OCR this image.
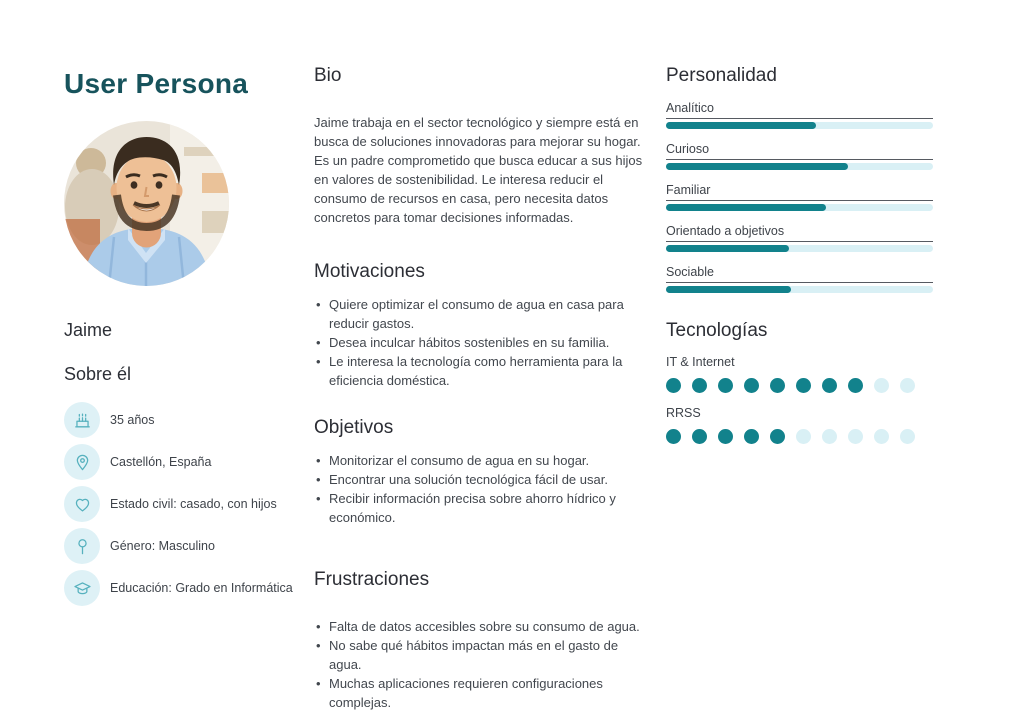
User Persona
Jaime
Sobre él
35 años
Castellón, España
Estado civil: casado, con hijos
Género: Masculino
Educación: Grado en Informática
Bio

Jaime trabaja en el sector tecnológico y siempre está en busca de soluciones innovadoras para mejorar su hogar. Es un padre comprometido que busca educar a sus hijos en valores de sostenibilidad. Le interesa reducir el consumo de recursos en casa, pero necesita datos concretos para tomar decisiones informadas.

Motivaciones
• Quiere optimizar el consumo de agua en casa para reducir gastos.
• Desea inculcar hábitos sostenibles en su familia.
• Le interesa la tecnología como herramienta para la eficiencia doméstica.
Objetivos
• Monitorizar el consumo de agua en su hogar.
• Encontrar una solución tecnológica fácil de usar.
• Recibir información precisa sobre ahorro hídrico y económico.
Frustraciones
• Falta de datos accesibles sobre su consumo de agua.
• No sabe qué hábitos impactan más en el gasto de agua.
• Muchas aplicaciones requieren configuraciones complejas.
Personalidad
Analítico
Curioso
Familiar
Orientado a objetivos
Sociable
Tecnologías
IT & Internet
RRSS
